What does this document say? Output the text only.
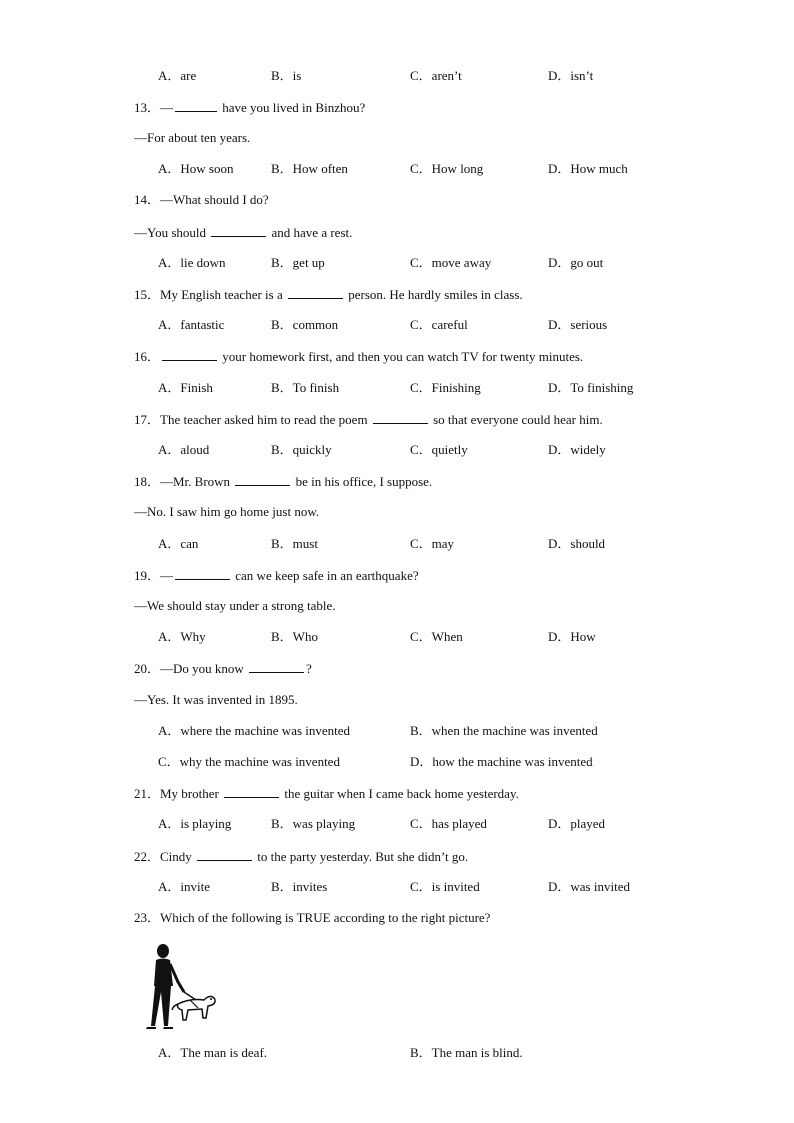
A．are	B．is	C．aren’t	D．isn’t
13．—	have you lived in Binzhou?
—For about ten years.
A．How soon	B．How often	C．How long	D．How much
14．—What should I do?
—You should	and have a rest.
A．lie down	B．get up	C．move away	D．go out
15．My English teacher is a	person. He hardly smiles in class.
A．fantastic	B．common	C．careful	D．serious
16．	your homework first, and then you can watch TV for twenty minutes.
A．Finish	B．To finish	C．Finishing	D．To finishing
17．The teacher asked him to read the poem	so that everyone could hear him.
A．aloud	B．quickly	C．quietly	D．widely
18．—Mr. Brown	be in his office, I suppose.
—No. I saw him go home just now.
A．can	B．must	C．may	D．should
19．—	can we keep safe in an earthquake?
—We should stay under a strong table.
A．Why	B．Who	C．When	D．How
20．—Do you know	?
—Yes. It was invented in 1895.
A．where the machine was invented	B．when the machine was invented
C．why the machine was invented	D．how the machine was invented
21．My brother	the guitar when I came back home yesterday.
A．is playing	B．was playing	C．has played	D．played
22．Cindy	to the party yesterday. But she didn’t go.
A．invite	B．invites	C．is invited	D．was invited
23．Which of the following is TRUE according to the right picture?
A．The man is deaf.	B．The man is blind.
